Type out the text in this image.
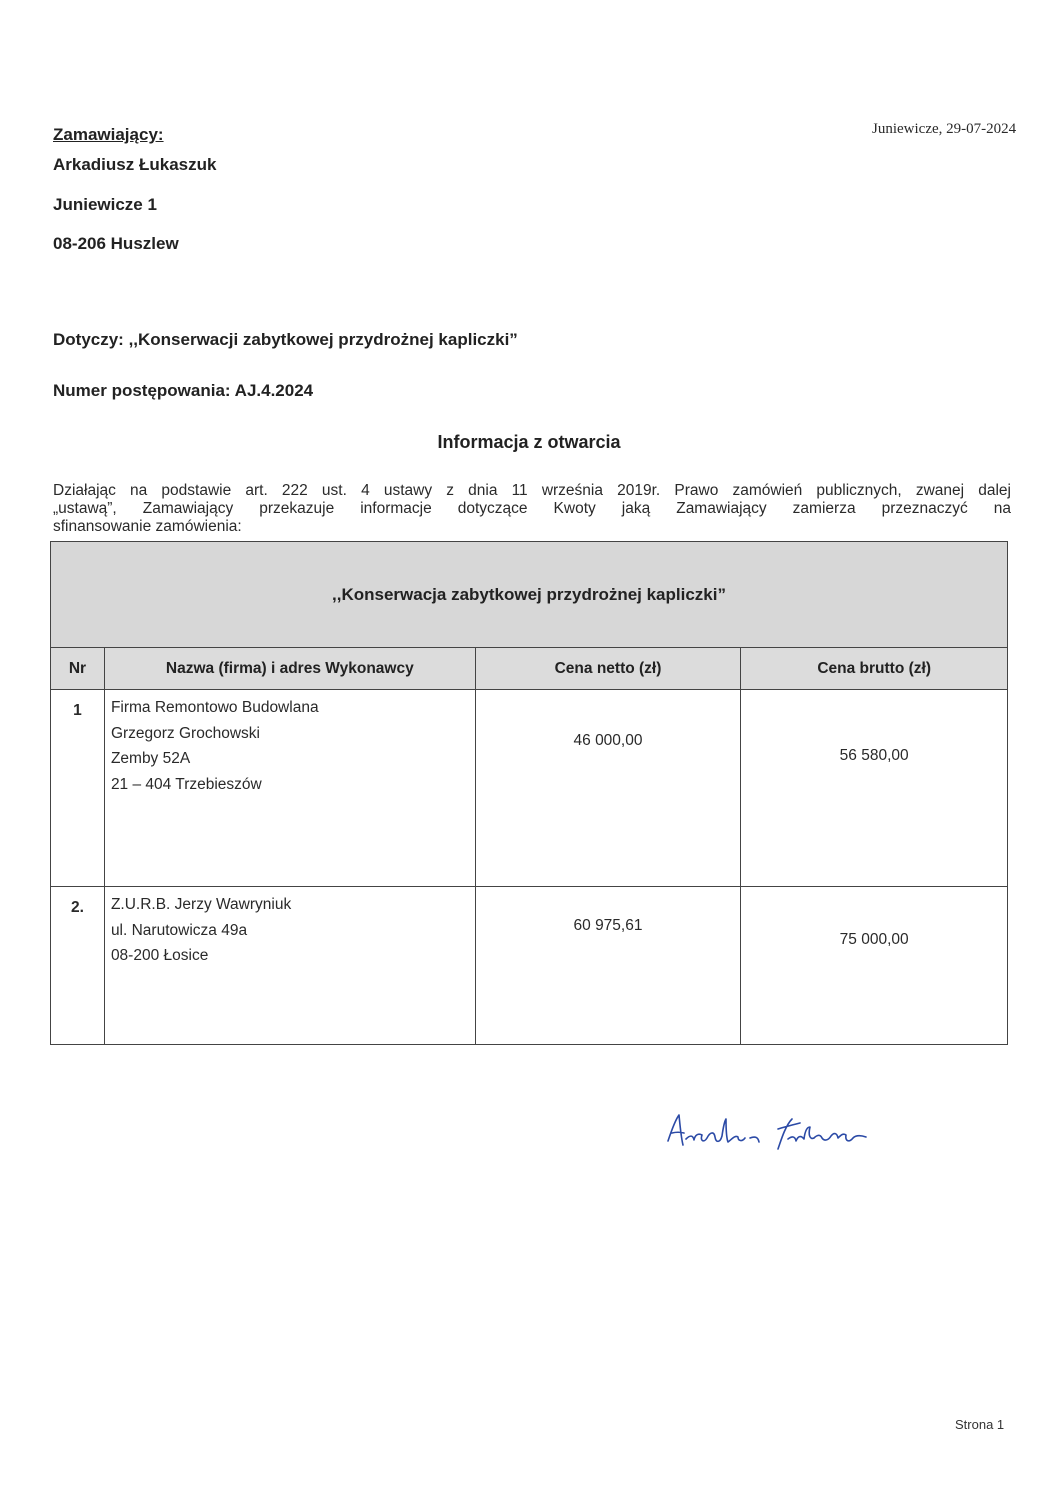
Juniewicze, 29-07-2024
Zamawiający:
Arkadiusz Łukaszuk
Juniewicze 1
08-206 Huszlew
Dotyczy: ,,Konserwacji zabytkowej przydrożnej kapliczki”
Numer postępowania: AJ.4.2024
Informacja z otwarcia
Działając na podstawie art. 222 ust. 4 ustawy z dnia 11 września 2019r. Prawo zamówień publicznych, zwanej dalej
„ustawą”, Zamawiający przekazuje informacje dotyczące Kwoty jaką Zamawiający zamierza przeznaczyć na
sfinansowanie zamówienia:
,,Konserwacja zabytkowej przydrożnej kapliczki”			
Nr	Nazwa (firma) i adres Wykonawcy	Cena netto (zł)	Cena brutto (zł)
1	Firma Remontowo Budowlana
Grzegorz Grochowski
Zemby 52A
21 – 404 Trzebieszów	46 000,00	56 580,00
2.	Z.U.R.B. Jerzy Wawryniuk
ul. Narutowicza 49a
08-200 Łosice	60 975,61	75 000,00
Strona 1
